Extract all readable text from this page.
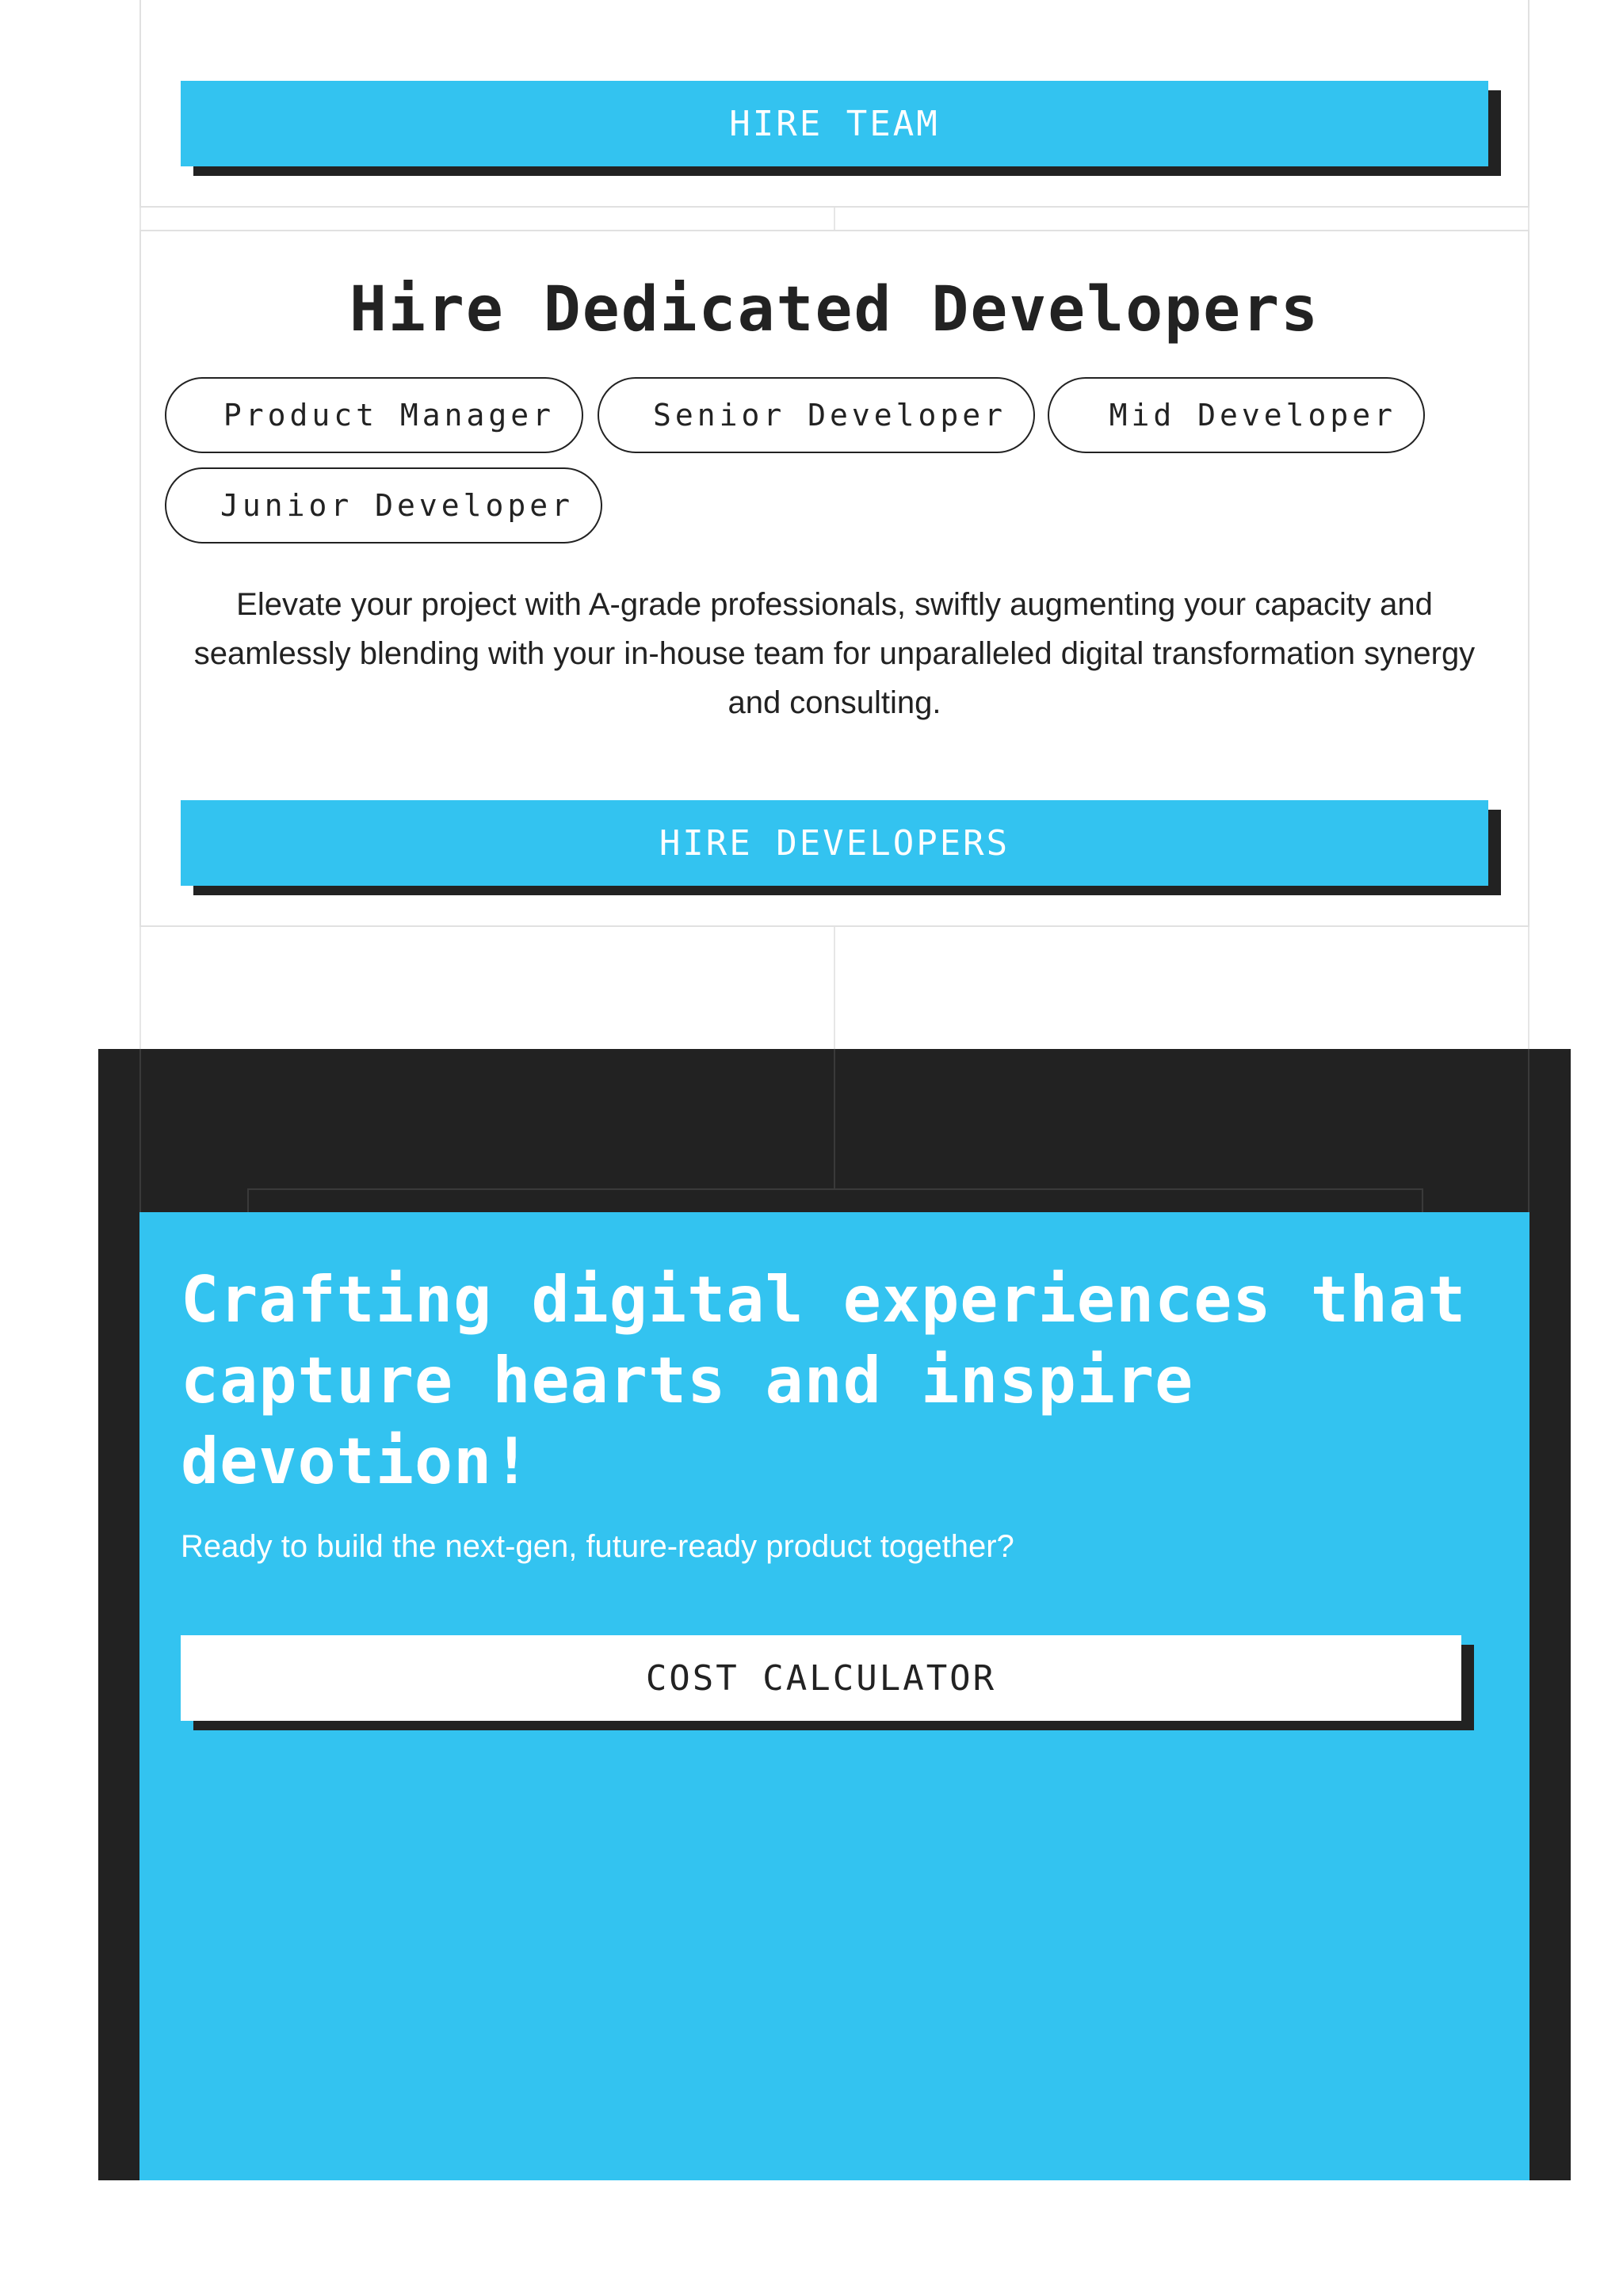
HIRE TEAM
Hire Dedicated Developers
Product Manager	Senior Developer	Mid Developer
Junior Developer

Elevate your project with A-grade professionals, swiftly augmenting your capacity and seamlessly blending with your in-house team for unparalleled digital transformation synergy and consulting.

HIRE DEVELOPERS
Crafting digital experiences that capture hearts and inspire devotion!

Ready to build the next-gen, future-ready product together?

COST CALCULATOR
